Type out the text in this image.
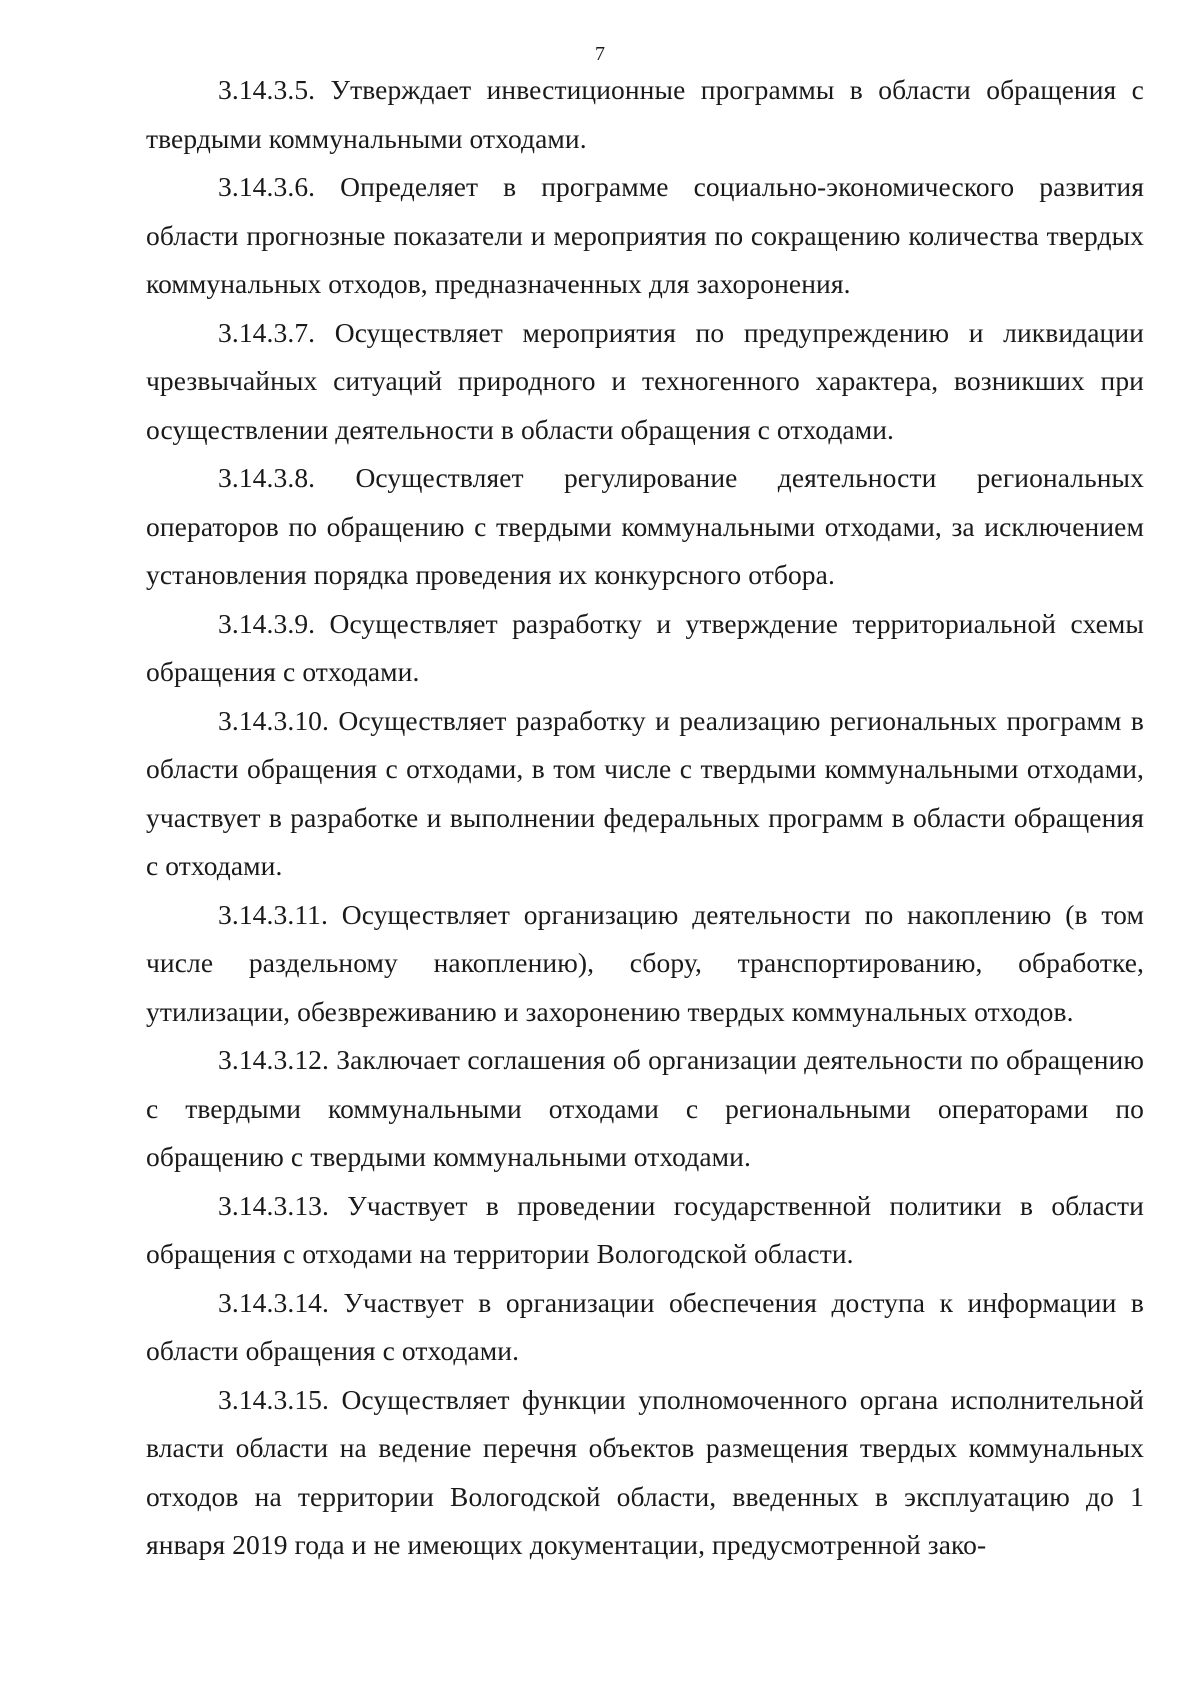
7

3.14.3.5. Утверждает инвестиционные программы в области обращения с твердыми коммунальными отходами.

3.14.3.6. Определяет в программе социально-экономического развития области прогнозные показатели и мероприятия по сокращению количества твердых коммунальных отходов, предназначенных для захоронения.

3.14.3.7. Осуществляет мероприятия по предупреждению и ликвидации чрезвычайных ситуаций природного и техногенного характера, возникших при осуществлении деятельности в области обращения с отходами.

3.14.3.8. Осуществляет регулирование деятельности региональных операторов по обращению с твердыми коммунальными отходами, за исключением установления порядка проведения их конкурсного отбора.

3.14.3.9. Осуществляет разработку и утверждение территориальной схемы обращения с отходами.

3.14.3.10. Осуществляет разработку и реализацию региональных программ в области обращения с отходами, в том числе с твердыми коммунальными отходами, участвует в разработке и выполнении федеральных программ в области обращения с отходами.

3.14.3.11. Осуществляет организацию деятельности по накоплению (в том числе раздельному накоплению), сбору, транспортированию, обработке, утилизации, обезвреживанию и захоронению твердых коммунальных отходов.

3.14.3.12. Заключает соглашения об организации деятельности по обращению с твердыми коммунальными отходами с региональными операторами по обращению с твердыми коммунальными отходами.

3.14.3.13. Участвует в проведении государственной политики в области обращения с отходами на территории Вологодской области.

3.14.3.14. Участвует в организации обеспечения доступа к информации в области обращения с отходами.

3.14.3.15. Осуществляет функции уполномоченного органа исполнительной власти области на ведение перечня объектов размещения твердых коммунальных отходов на территории Вологодской области, введенных в эксплуатацию до 1 января 2019 года и не имеющих документации, предусмотренной зако-
